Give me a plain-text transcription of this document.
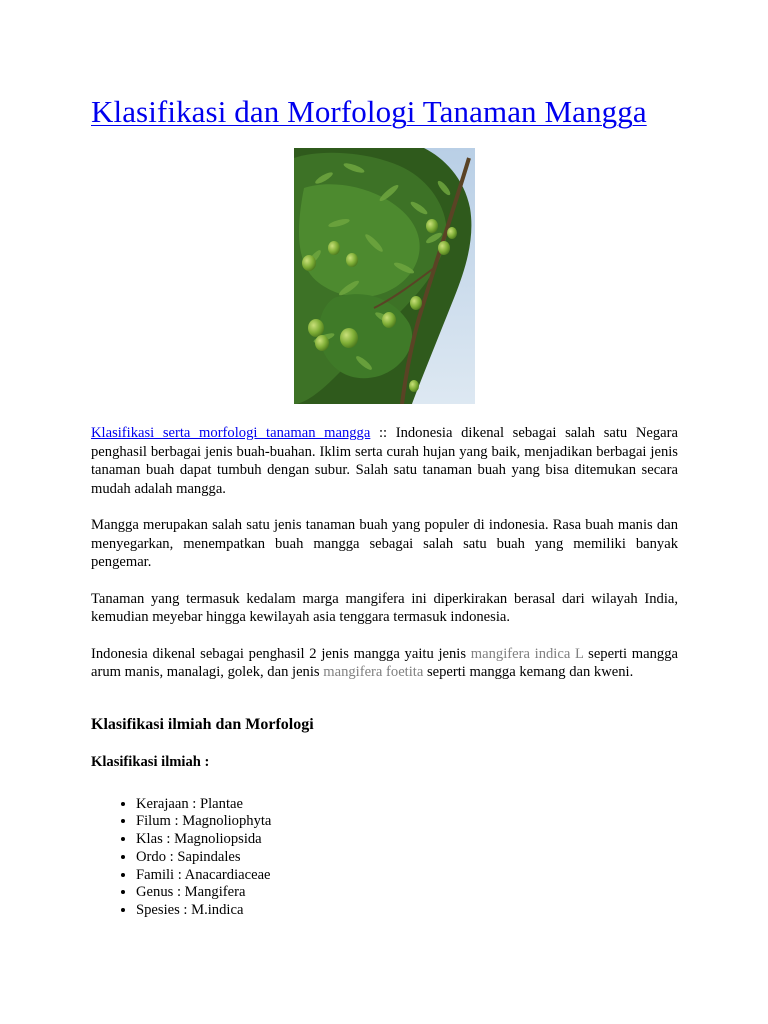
Klasifikasi dan Morfologi Tanaman Mangga

Klasifikasi serta morfologi tanaman mangga :: Indonesia dikenal sebagai salah satu Negara penghasil berbagai jenis buah-buahan. Iklim serta curah hujan yang baik, menjadikan berbagai jenis tanaman buah dapat tumbuh dengan subur. Salah satu tanaman buah yang bisa ditemukan secara mudah adalah mangga.

Mangga merupakan salah satu jenis tanaman buah yang populer di indonesia. Rasa buah manis dan menyegarkan, menempatkan buah mangga sebagai salah satu buah yang memiliki banyak pengemar.

Tanaman yang termasuk kedalam marga mangifera ini diperkirakan berasal dari wilayah India, kemudian meyebar hingga kewilayah asia tenggara termasuk indonesia.

Indonesia dikenal sebagai penghasil 2 jenis mangga yaitu jenis mangifera indica L seperti mangga arum manis, manalagi, golek, dan jenis mangifera foetita seperti mangga kemang dan kweni.

Klasifikasi ilmiah dan Morfologi
Klasifikasi ilmiah :
• Kerajaan : Plantae
• Filum : Magnoliophyta
• Klas : Magnoliopsida
• Ordo : Sapindales
• Famili : Anacardiaceae
• Genus : Mangifera
• Spesies : M.indica
